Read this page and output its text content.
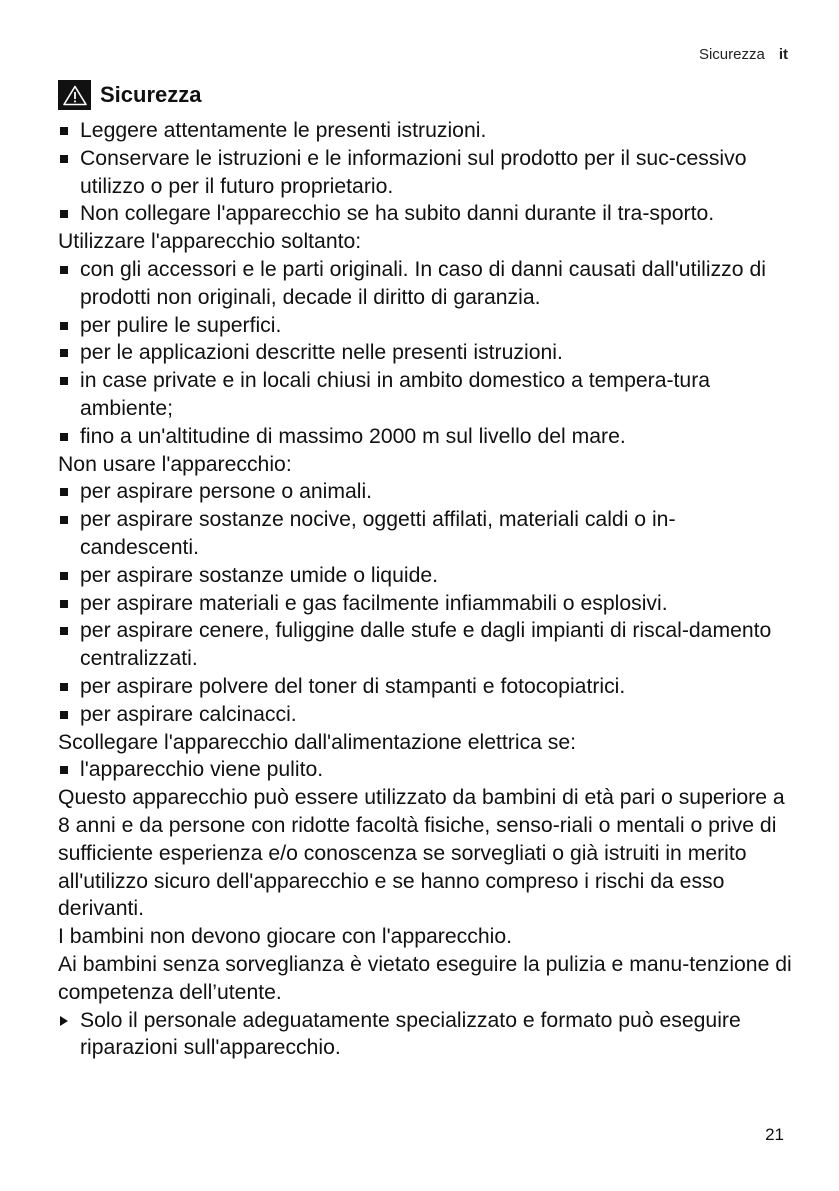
Sicurezza it
Sicurezza
Leggere attentamente le presenti istruzioni.
Conservare le istruzioni e le informazioni sul prodotto per il suc-cessivo utilizzo o per il futuro proprietario.
Non collegare l'apparecchio se ha subito danni durante il tra-sporto.
Utilizzare l'apparecchio soltanto:
con gli accessori e le parti originali. In caso di danni causati dall'utilizzo di prodotti non originali, decade il diritto di garanzia.
per pulire le superfici.
per le applicazioni descritte nelle presenti istruzioni.
in case private e in locali chiusi in ambito domestico a tempera-tura ambiente;
fino a un'altitudine di massimo 2000 m sul livello del mare.
Non usare l'apparecchio:
per aspirare persone o animali.
per aspirare sostanze nocive, oggetti affilati, materiali caldi o in-candescenti.
per aspirare sostanze umide o liquide.
per aspirare materiali e gas facilmente infiammabili o esplosivi.
per aspirare cenere, fuliggine dalle stufe e dagli impianti di riscal-damento centralizzati.
per aspirare polvere del toner di stampanti e fotocopiatrici.
per aspirare calcinacci.
Scollegare l'apparecchio dall'alimentazione elettrica se:
l'apparecchio viene pulito.
Questo apparecchio può essere utilizzato da bambini di età pari o superiore a 8 anni e da persone con ridotte facoltà fisiche, senso-riali o mentali o prive di sufficiente esperienza e/o conoscenza se sorvegliati o già istruiti in merito all'utilizzo sicuro dell'apparecchio e se hanno compreso i rischi da esso derivanti.
I bambini non devono giocare con l'apparecchio.
Ai bambini senza sorveglianza è vietato eseguire la pulizia e manu-tenzione di competenza dell’utente.
Solo il personale adeguatamente specializzato e formato può eseguire riparazioni sull'apparecchio.
21
